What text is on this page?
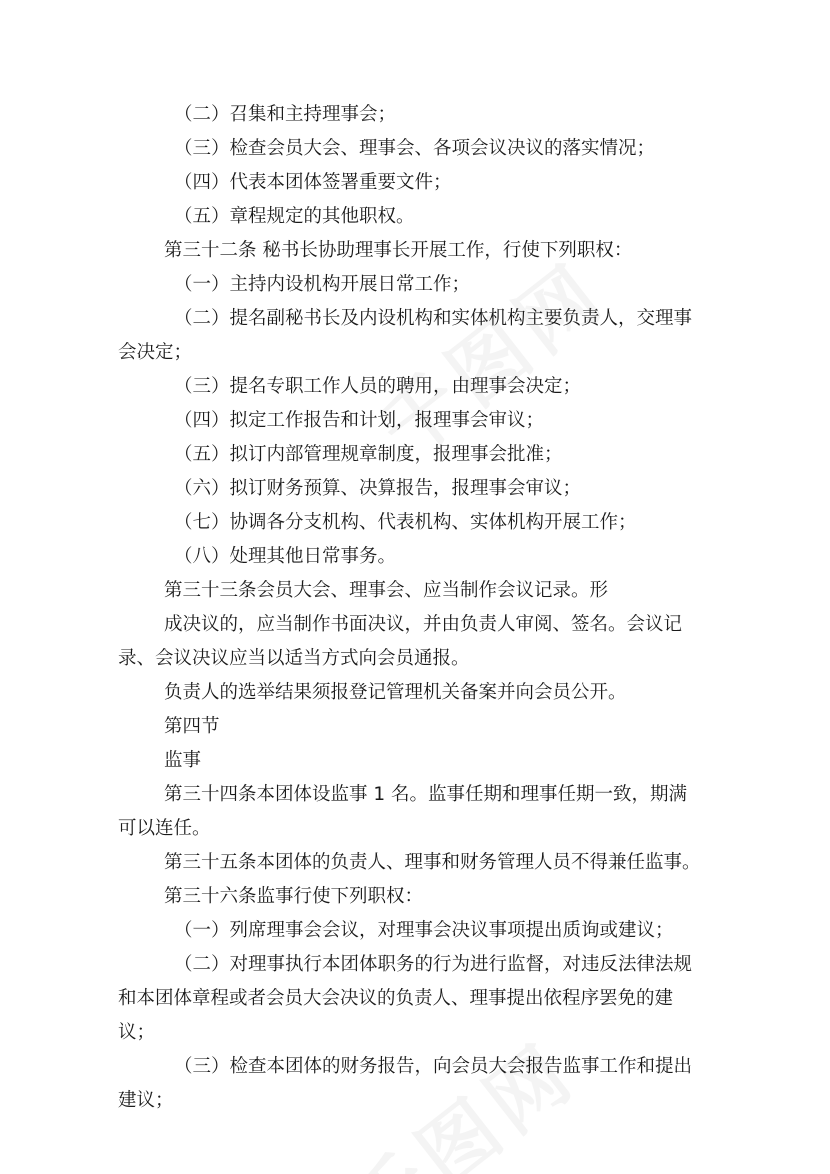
（二）召集和主持理事会；
（三）检查会员大会、理事会、各项会议决议的落实情况；
（四）代表本团体签署重要文件；
（五）章程规定的其他职权。
第三十二条 秘书长协助理事长开展工作，行使下列职权：
（一）主持内设机构开展日常工作；
（二）提名副秘书长及内设机构和实体机构主要负责人，交理事
会决定；
（三）提名专职工作人员的聘用，由理事会决定；
（四）拟定工作报告和计划，报理事会审议；
（五）拟订内部管理规章制度，报理事会批准；
（六）拟订财务预算、决算报告，报理事会审议；
（七）协调各分支机构、代表机构、实体机构开展工作；
（八）处理其他日常事务。
第三十三条会员大会、理事会、应当制作会议记录。形
成决议的，应当制作书面决议，并由负责人审阅、签名。会议记
录、会议决议应当以适当方式向会员通报。
负责人的选举结果须报登记管理机关备案并向会员公开。
第四节
监事
第三十四条本团体设监事 1 名。监事任期和理事任期一致，期满
可以连任。
第三十五条本团体的负责人、理事和财务管理人员不得兼任监事。
第三十六条监事行使下列职权：
（一）列席理事会会议，对理事会决议事项提出质询或建议；
（二）对理事执行本团体职务的行为进行监督，对违反法律法规
和本团体章程或者会员大会决议的负责人、理事提出依程序罢免的建
议；
（三）检查本团体的财务报告，向会员大会报告监事工作和提出
建议；
